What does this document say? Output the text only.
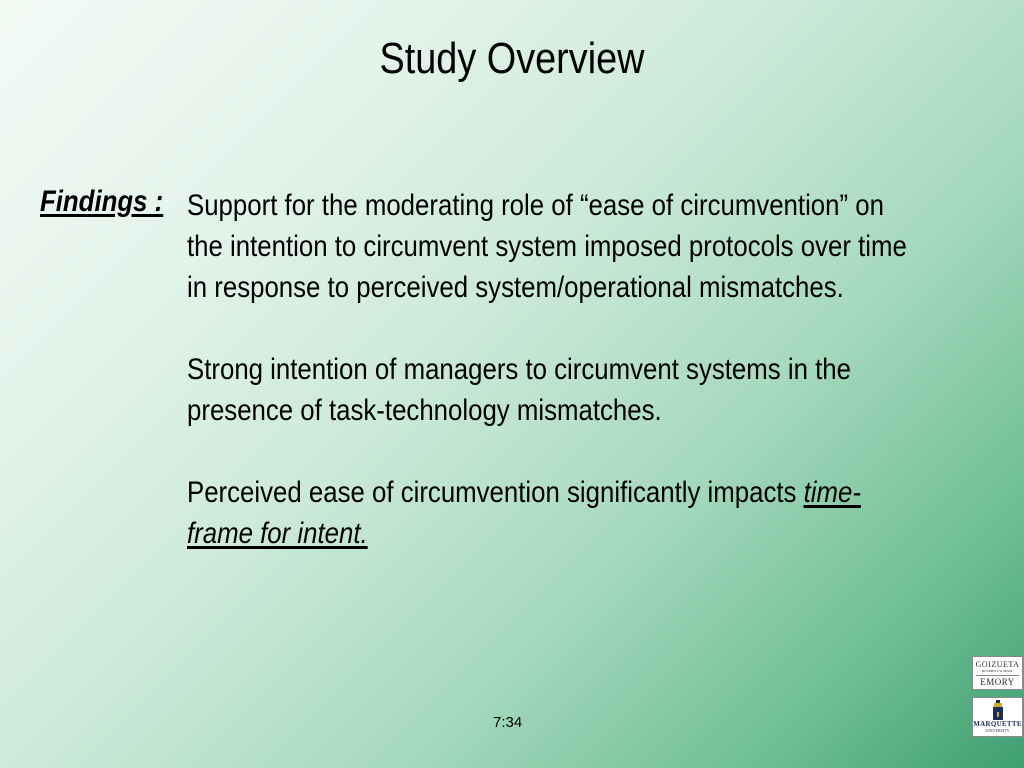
Study Overview
Findings : Support for the moderating role of “ease of circumvention” on
the intention to circumvent system imposed protocols over time
in response to perceived system/operational mismatches.

Strong intention of managers to circumvent systems in the
presence of task-technology mismatches.

Perceived ease of circumvention significantly impacts time-
frame for intent.

7:34
GOIZUETA
BUSINESS SCHOOL
EMORY
MARQUETTE
UNIVERSITY
